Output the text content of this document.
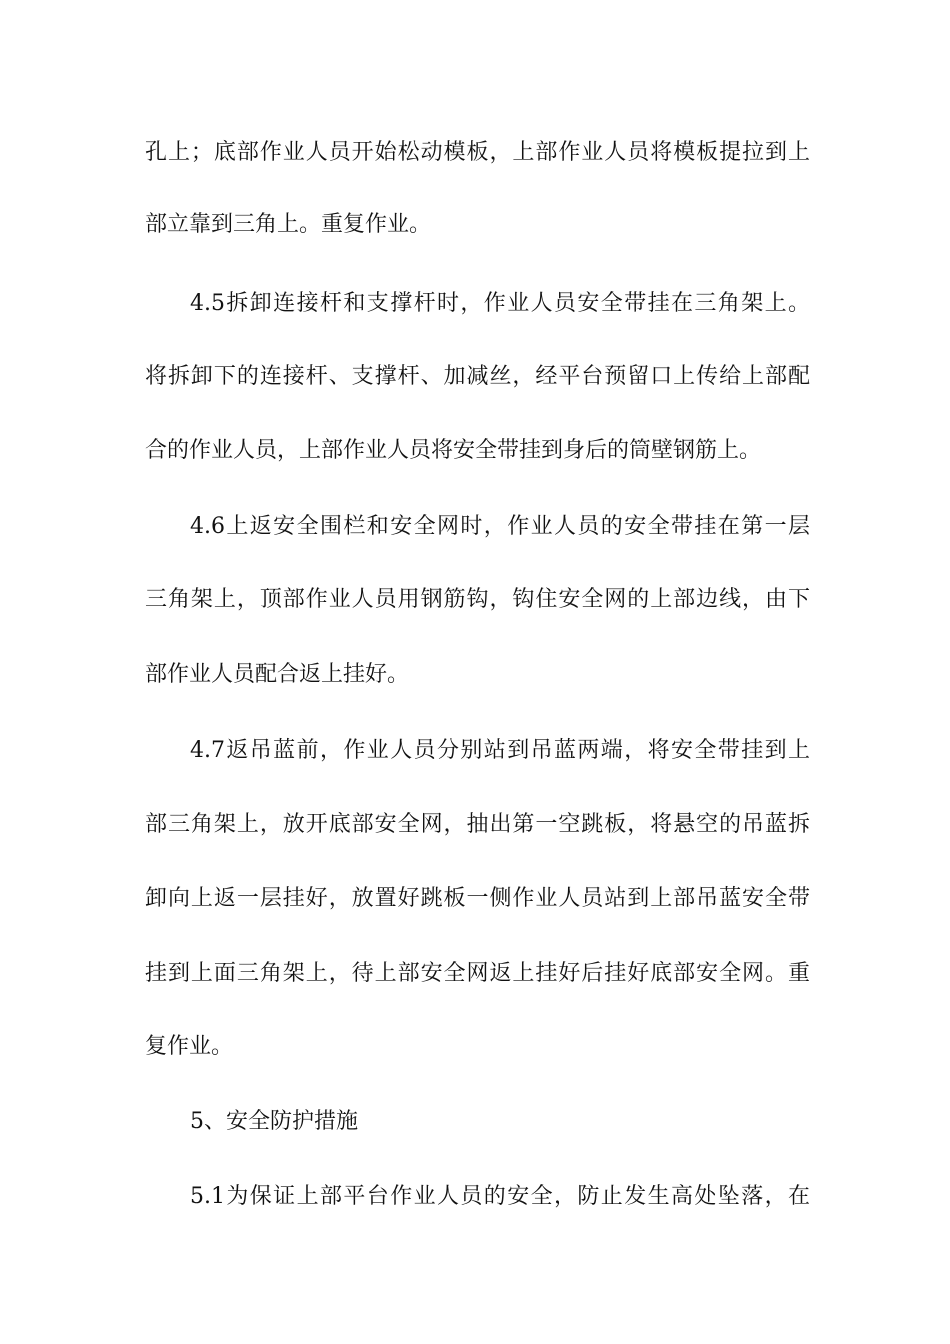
孔上；底部作业人员开始松动模板，上部作业人员将模板提拉到上
部立靠到三角上。重复作业。
4.5拆卸连接杆和支撑杆时，作业人员安全带挂在三角架上。
将拆卸下的连接杆、支撑杆、加减丝，经平台预留口上传给上部配
合的作业人员，上部作业人员将安全带挂到身后的筒壁钢筋上。
4.6上返安全围栏和安全网时，作业人员的安全带挂在第一层
三角架上，顶部作业人员用钢筋钩，钩住安全网的上部边线，由下
部作业人员配合返上挂好。
4.7返吊蓝前，作业人员分别站到吊蓝两端，将安全带挂到上
部三角架上，放开底部安全网，抽出第一空跳板，将悬空的吊蓝拆
卸向上返一层挂好，放置好跳板一侧作业人员站到上部吊蓝安全带
挂到上面三角架上，待上部安全网返上挂好后挂好底部安全网。重
复作业。
5、安全防护措施
5.1为保证上部平台作业人员的安全，防止发生高处坠落，在
